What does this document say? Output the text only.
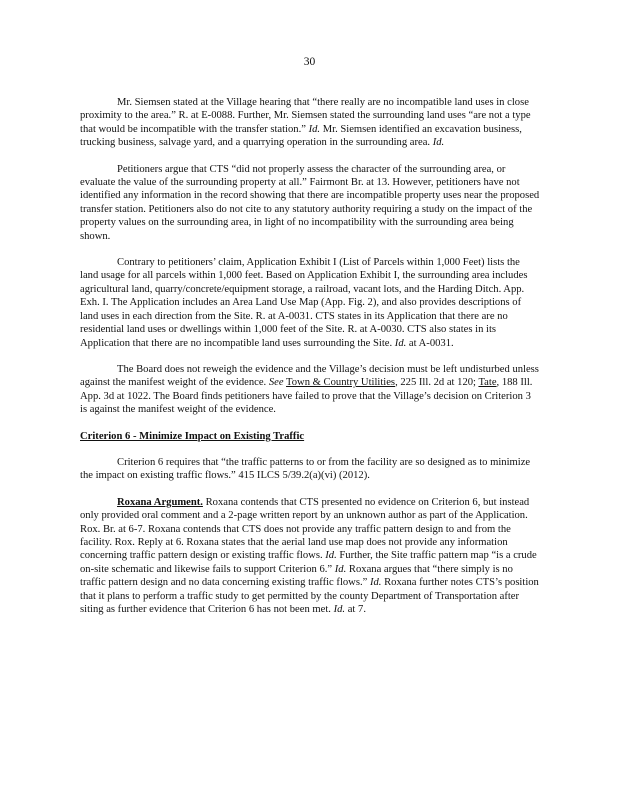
30

Mr. Siemsen stated at the Village hearing that “there really are no incompatible land uses in close proximity to the area.” R. at E-0088. Further, Mr. Siemsen stated the surrounding land uses “are not a type that would be incompatible with the transfer station.” Id. Mr. Siemsen identified an excavation business, trucking business, salvage yard, and a quarrying operation in the surrounding area. Id.

Petitioners argue that CTS “did not properly assess the character of the surrounding area, or evaluate the value of the surrounding property at all.” Fairmont Br. at 13. However, petitioners have not identified any information in the record showing that there are incompatible property uses near the proposed transfer station. Petitioners also do not cite to any statutory authority requiring a study on the impact of the property values on the surrounding area, in light of no incompatibility with the surrounding area being shown.

Contrary to petitioners’ claim, Application Exhibit I (List of Parcels within 1,000 Feet) lists the land usage for all parcels within 1,000 feet. Based on Application Exhibit I, the surrounding area includes agricultural land, quarry/concrete/equipment storage, a railroad, vacant lots, and the Harding Ditch. App. Exh. I. The Application includes an Area Land Use Map (App. Fig. 2), and also provides descriptions of land uses in each direction from the Site. R. at A-0031. CTS states in its Application that there are no residential land uses or dwellings within 1,000 feet of the Site. R. at A-0030. CTS also states in its Application that there are no incompatible land uses surrounding the Site. Id. at A-0031.

The Board does not reweigh the evidence and the Village’s decision must be left undisturbed unless against the manifest weight of the evidence. See Town & Country Utilities, 225 Ill. 2d at 120; Tate, 188 Ill. App. 3d at 1022. The Board finds petitioners have failed to prove that the Village’s decision on Criterion 3 is against the manifest weight of the evidence.

Criterion 6 - Minimize Impact on Existing Traffic

Criterion 6 requires that “the traffic patterns to or from the facility are so designed as to minimize the impact on existing traffic flows.” 415 ILCS 5/39.2(a)(vi) (2012).

Roxana Argument. Roxana contends that CTS presented no evidence on Criterion 6, but instead only provided oral comment and a 2-page written report by an unknown author as part of the Application. Rox. Br. at 6-7. Roxana contends that CTS does not provide any traffic pattern design to and from the facility. Rox. Reply at 6. Roxana states that the aerial land use map does not provide any information concerning traffic pattern design or existing traffic flows. Id. Further, the Site traffic pattern map “is a crude on-site schematic and likewise fails to support Criterion 6.” Id. Roxana argues that “there simply is no traffic pattern design and no data concerning existing traffic flows.” Id. Roxana further notes CTS’s position that it plans to perform a traffic study to get permitted by the county Department of Transportation after siting as further evidence that Criterion 6 has not been met. Id. at 7.
